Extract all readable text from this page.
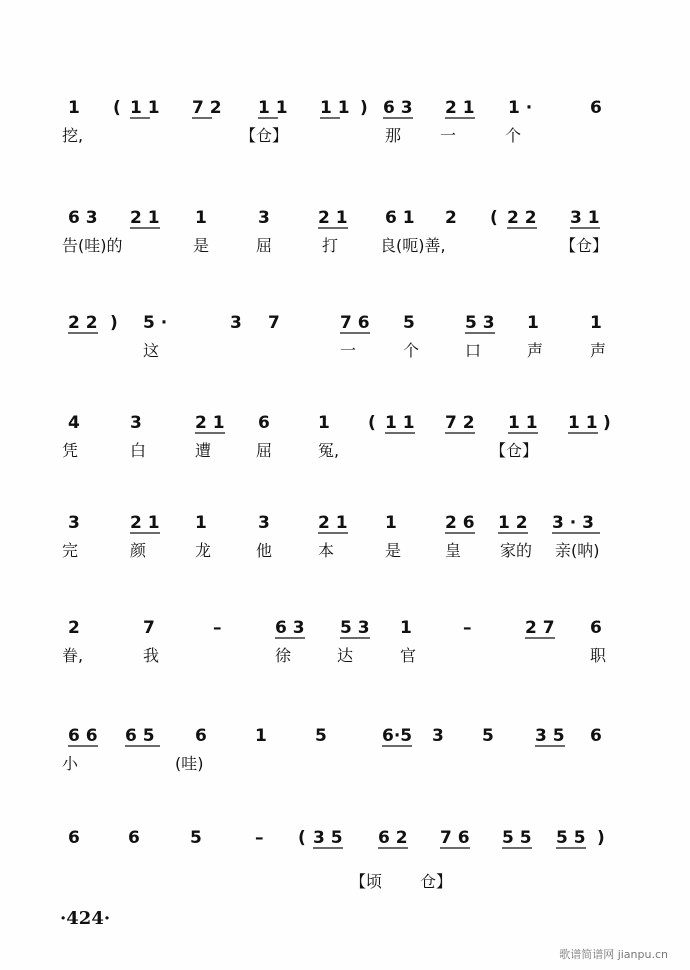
1 ( 1 1 7 2 1 1 1 1 ) 6 3 2 1 1 ·	6
挖,	【仓】	那 一	个
6 3 2 1 1	3	2 1 6 1 2 ( 2 2 3 1
告(哇)的	是	屈	打	良(呃)善,	【仓】
2 2 ) 5 ·	3 7	7 6 5	5 3 1	1
这	一	个	口	声	声
4	3	2 1 6	1 ( 1 1 7 2 1 1 1 1 )
凭	白	遭	屈	冤,	【仓】
3	2 1 1	3	2 1 1	2 6 1 2 3 · 3
完	颜	龙	他	本	是	皇 家的 亲(呐)
2	7	–	6 3 5 3 1	–	2 7 6
眷,	我	徐	达	官	职
6 6 6 5 6	1	5	6·5 3 5 3 5 6
小	(哇)
6	6	5	– ( 3 5 6 2 7 6 5 5 5 5 )
【顷 仓】
·424·
歌谱简谱网 jianpu.cn
